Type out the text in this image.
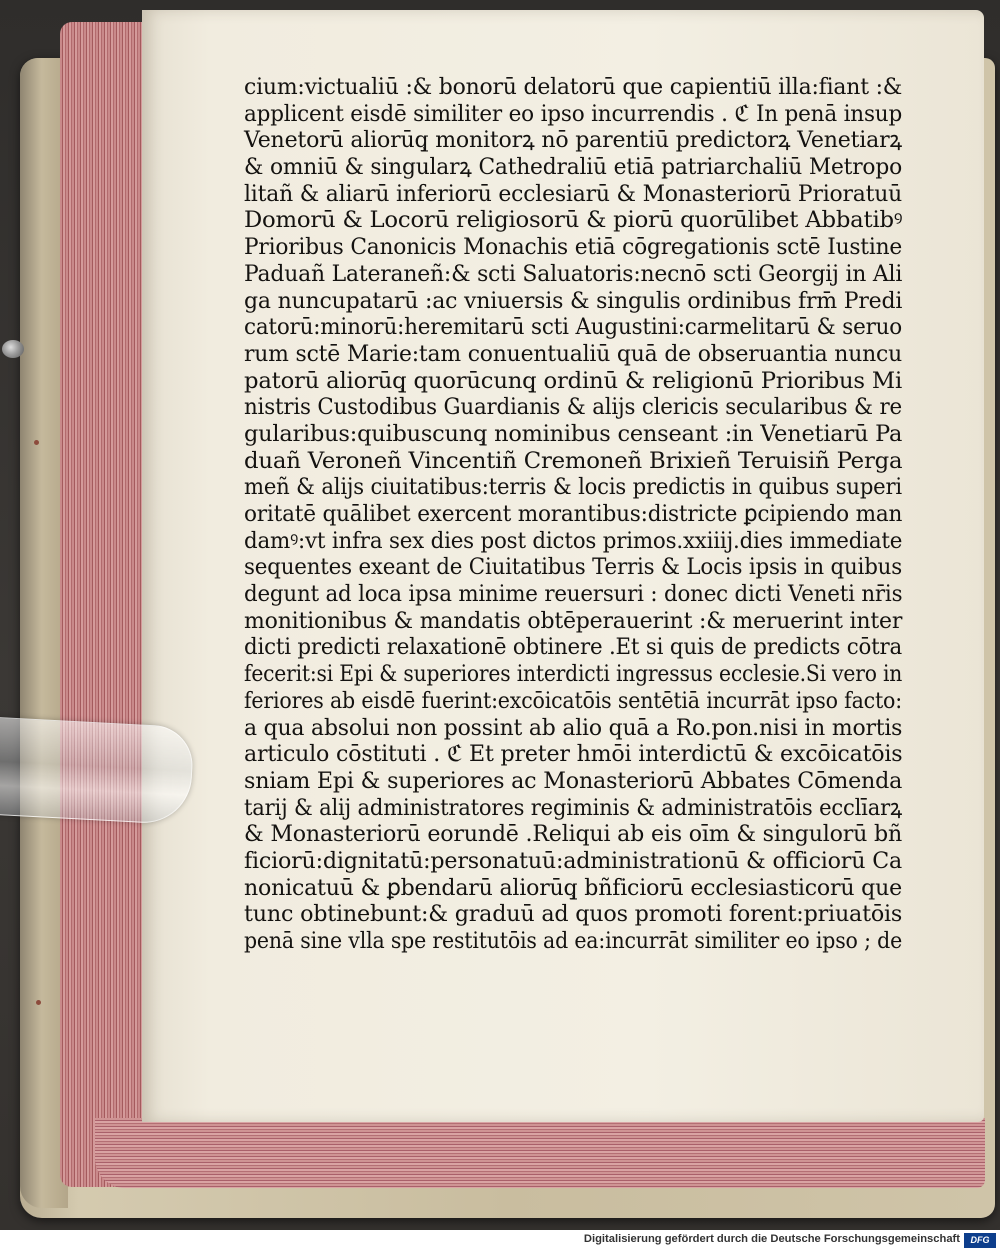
cium:victualiū :& bonorū delatorū que capientiū illa:fiant :&
applicent eisdē similiter eo ipso incurrendis . ℭ In penā insup
Venetorū aliorūq̧ monitorꝝ nō parentiū predictorꝝ Venetiarꝝ
& omniū & singularꝝ Cathedraliū etiā patriarchaliū Metropo
litañ & aliarū inferiorū ecclesiarū & Monasteriorū Prioratuū
Domorū & Locorū religiosorū & piorū quorūlibet Abbatibꝰ
Prioribus Canonicis Monachis etiā cōgregationis sctē Iustine
Paduañ Lateraneñ:& scti Saluatoris:necnō scti Georgij in Ali
ga nuncupatarū :ac vniuersis & singulis ordinibus frm̄ Predi
catorū:minorū:heremitarū scti Augustini:carmelitarū & seruo
rum sctē Marie:tam conuentualiū quā de obseruantia nuncu
patorū aliorūq̧ quorūcunq̧ ordinū & religionū Prioribus Mi
nistris Custodibus Guardianis & alijs clericis secularibus & re
gularibus:quibuscunq̧ nominibus censeant :in Venetiarū Pa
duañ Veroneñ Vincentiñ Cremoneñ Brixieñ Teruisiñ Perga
meñ & alijs ciuitatibus:terris & locis predictis in quibus superi
oritatē quālibet exercent morantibus:districte ꝑcipiendo man
damꝰ:vt infra sex dies post dictos primos.xxiiij.dies immediate
sequentes exeant de Ciuitatibus Terris & Locis ipsis in quibus
degunt ad loca ipsa minime reuersuri : donec dicti Veneti nr̄is
monitionibus & mandatis obtēperauerint :& meruerint inter
dicti predicti relaxationē obtinere .Et si quis de predicts cōtra
fecerit:si Epi & superiores interdicti ingressus ecclesie.Si vero in
feriores ab eisdē fuerint:excōicatōis sentētiā incurrāt ipso facto:
a qua absolui non possint ab alio quā a Ro.pon.nisi in mortis
articulo cōstituti . ℭ Et preter hmōi interdictū & excōicatōis
sniam Epi & superiores ac Monasteriorū Abbates Cōmenda
tarij & alij administratores regiminis & administratōis ecclīarꝝ
& Monasteriorū eorundē .Reliqui ab eis oīm & singulorū bñ
ficiorū:dignitatū:personatuū:administrationū & officiorū Ca
nonicatuū & ꝑbendarū aliorūq̧ bñficiorū ecclesiasticorū que
tunc obtinebunt:& graduū ad quos promoti forent:priuatōis
penā sine vlla spe restitutōis ad ea:incurrāt similiter eo ipso ; de
Digitalisierung gefördert durch die Deutsche Forschungsgemeinschaft	DFG
